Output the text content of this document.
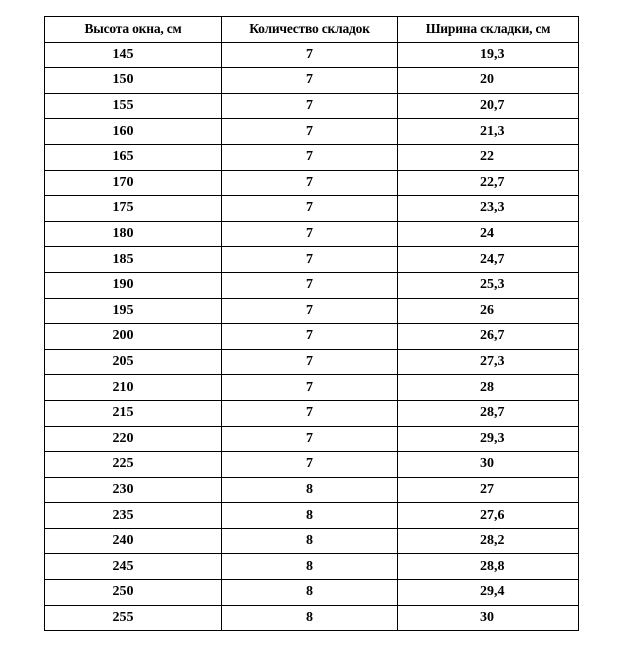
Высота окна, см	Количество складок	Ширина складки, см
145	7	19,3
150	7	20
155	7	20,7
160	7	21,3
165	7	22
170	7	22,7
175	7	23,3
180	7	24
185	7	24,7
190	7	25,3
195	7	26
200	7	26,7
205	7	27,3
210	7	28
215	7	28,7
220	7	29,3
225	7	30
230	8	27
235	8	27,6
240	8	28,2
245	8	28,8
250	8	29,4
255	8	30
